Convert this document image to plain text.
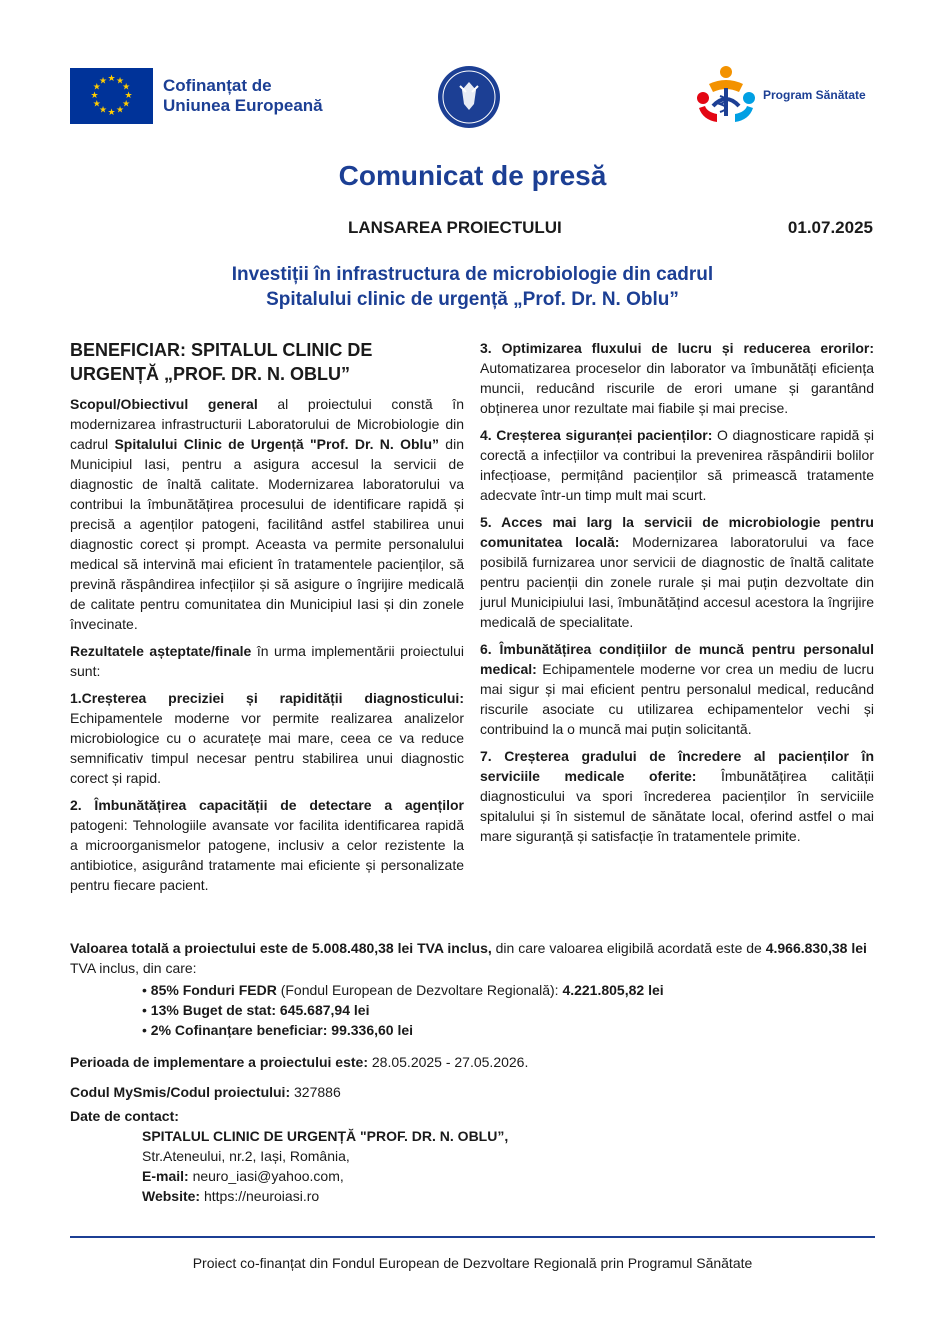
★ ★
★
★
★
★
★
★
★
★
★
★	Cofinanțat de
Uniunea Europeană
Program Sănătate
Comunicat de presă
LANSAREA PROIECTULUI	01.07.2025
Investiții în infrastructura de microbiologie din cadrul
Spitalului clinic de urgență „Prof. Dr. N. Oblu”
BENEFICIAR: SPITALUL CLINIC DE
URGENȚĂ „PROF. DR. N. OBLU”

Scopul/Obiectivul general al proiectului constă în modernizarea infrastructurii Laboratorului de Microbiologie din cadrul Spitalului Clinic de Urgență "Prof. Dr. N. Oblu” din Municipiul Iasi, pentru a asigura accesul la servicii de diagnostic de înaltă calitate. Modernizarea laboratorului va contribui la îmbunătățirea procesului de identificare rapidă și precisă a agenților patogeni, facilitând astfel stabilirea unui diagnostic corect și prompt. Aceasta va permite personalului medical să intervină mai eficient în tratamentele pacienților, să prevină răspândirea infecțiilor și să asigure o îngrijire medicală de calitate pentru comunitatea din Municipiul Iasi și din zonele învecinate.

Rezultatele așteptate/finale în urma implementării proiectului sunt:

1.Creșterea preciziei și rapidității diagnosticului: Echipamentele moderne vor permite realizarea analizelor microbiologice cu o acuratețe mai mare, ceea ce va reduce semnificativ timpul necesar pentru stabilirea unui diagnostic corect și rapid.

2. Îmbunătățirea capacității de detectare a agenților patogeni: Tehnologiile avansate vor facilita identificarea rapidă a microorganismelor patogene, inclusiv a celor rezistente la antibiotice, asigurând tratamente mai eficiente și personalizate pentru fiecare pacient.

3. Optimizarea fluxului de lucru și reducerea erorilor: Automatizarea proceselor din laborator va îmbunătăți eficiența muncii, reducând riscurile de erori umane și garantând obținerea unor rezultate mai fiabile și mai precise.

4. Creșterea siguranței pacienților: O diagnosticare rapidă și corectă a infecțiilor va contribui la prevenirea răspândirii bolilor infecțioase, permițând pacienților să primească tratamente adecvate într-un timp mult mai scurt.

5. Acces mai larg la servicii de microbiologie pentru comunitatea locală: Modernizarea laboratorului va face posibilă furnizarea unor servicii de diagnostic de înaltă calitate pentru pacienții din zonele rurale și mai puțin dezvoltate din jurul Municipiului Iasi, îmbunătățind accesul acestora la îngrijire medicală de specialitate.

6. Îmbunătățirea condițiilor de muncă pentru personalul medical: Echipamentele moderne vor crea un mediu de lucru mai sigur și mai eficient pentru personalul medical, reducând riscurile asociate cu utilizarea echipamentelor vechi și contribuind la o muncă mai puțin solicitantă.

7. Creșterea gradului de încredere al pacienților în serviciile medicale oferite: Îmbunătățirea calității diagnosticului va spori încrederea pacienților în serviciile spitalului și în sistemul de sănătate local, oferind astfel o mai mare siguranță și satisfacție în tratamentele primite.

Valoarea totală a proiectului este de 5.008.480,38 lei TVA inclus, din care valoarea eligibilă acordată este de 4.966.830,38 lei TVA inclus, din care:

• 85% Fonduri FEDR (Fondul European de Dezvoltare Regională): 4.221.805,82 lei
• 13% Buget de stat: 645.687,94 lei
• 2% Cofinanțare beneficiar: 99.336,60 lei

Perioada de implementare a proiectului este: 28.05.2025 - 27.05.2026.

Codul MySmis/Codul proiectului: 327886

Date de contact:
SPITALUL CLINIC DE URGENȚĂ "PROF. DR. N. OBLU”,
Str.Ateneului, nr.2, Iași, România,
E-mail: neuro_iasi@yahoo.com,
Website: https://neuroiasi.ro
Proiect co-finanțat din Fondul European de Dezvoltare Regională prin Programul Sănătate
